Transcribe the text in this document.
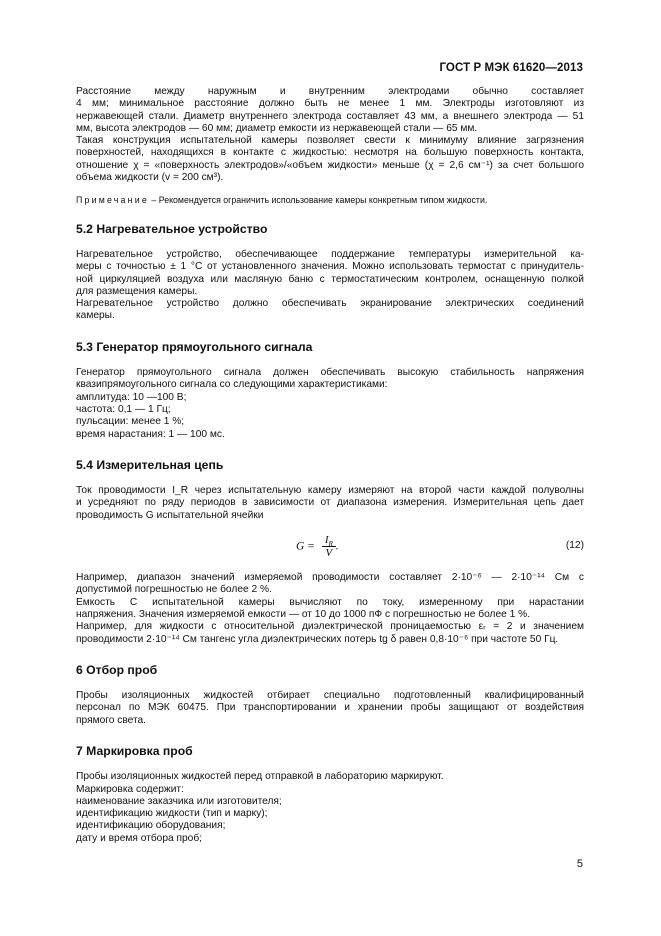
ГОСТ Р МЭК 61620—2013

Расстояние между наружным и внутренним электродами обычно составляет
4 мм; минимальное расстояние должно быть не менее 1 мм. Электроды изготовляют из
нержавеющей стали. Диаметр внутреннего электрода составляет 43 мм, а внешнего электрода — 51
мм, высота электродов — 60 мм; диаметр емкости из нержавеющей стали — 65 мм.

Такая конструкция испытательной камеры позволяет свести к минимуму влияние загрязнения
поверхностей, находящихся в контакте с жидкостью: несмотря на большую поверхность контакта,
отношение χ = «поверхность электродов»/«объем жидкости» меньше (χ = 2,6 см⁻¹) за счет большого
объема жидкости (v = 200 см³).

Примечание – Рекомендуется ограничить использование камеры конкретным типом жидкости.

5.2 Нагревательное устройство

Нагревательное устройство, обеспечивающее поддержание температуры измерительной ка-
меры с точностью ± 1 °С от установленного значения. Можно использовать термостат с принудитель-
ной циркуляцией воздуха или масляную баню с термостатическим контролем, оснащенную полкой
для размещения камеры.

Нагревательное устройство должно обеспечивать экранирование электрических соединений
камеры.

5.3 Генератор прямоугольного сигнала

Генератор прямоугольного сигнала должен обеспечивать высокую стабильность напряжения
квазипрямоугольного сигнала со следующими характеристиками:

амплитуда: 10 —100 В;
частота: 0,1 — 1 Гц;
пульсации: менее 1 %;
время нарастания: 1 — 100 мс.
5.4 Измерительная цепь

Ток проводимости I_R через испытательную камеру измеряют на второй части каждой полуволны
и усредняют по ряду периодов в зависимости от диапазона измерения. Измерительная цепь дает
проводимость G испытательной ячейки

$G = \frac{I_R}{V}$ .	(12)

Например, диапазон значений измеряемой проводимости составляет 2·10⁻⁶ — 2·10⁻¹⁴ См с
допустимой погрешностью не более 2 %.

Емкость C испытательной камеры вычисляют по току, измеренному при нарастании
напряжения. Значения измеряемой емкости — от 10 до 1000 пФ с погрешностью не более 1 %.

Например, для жидкости с относительной диэлектрической проницаемостью εᵣ = 2 и значением
проводимости 2·10⁻¹⁴ См тангенс угла диэлектрических потерь tg δ равен 0,8·10⁻⁶ при частоте 50 Гц.

6 Отбор проб

Пробы изоляционных жидкостей отбирает специально подготовленный квалифицированный
персонал по МЭК 60475. При транспортировании и хранении пробы защищают от воздействия
прямого света.

7 Маркировка проб
Пробы изоляционных жидкостей перед отправкой в лабораторию маркируют.
Маркировка содержит:
наименование заказчика или изготовителя;
идентификацию жидкости (тип и марку);
идентификацию оборудования;
дату и время отбора проб;
5
